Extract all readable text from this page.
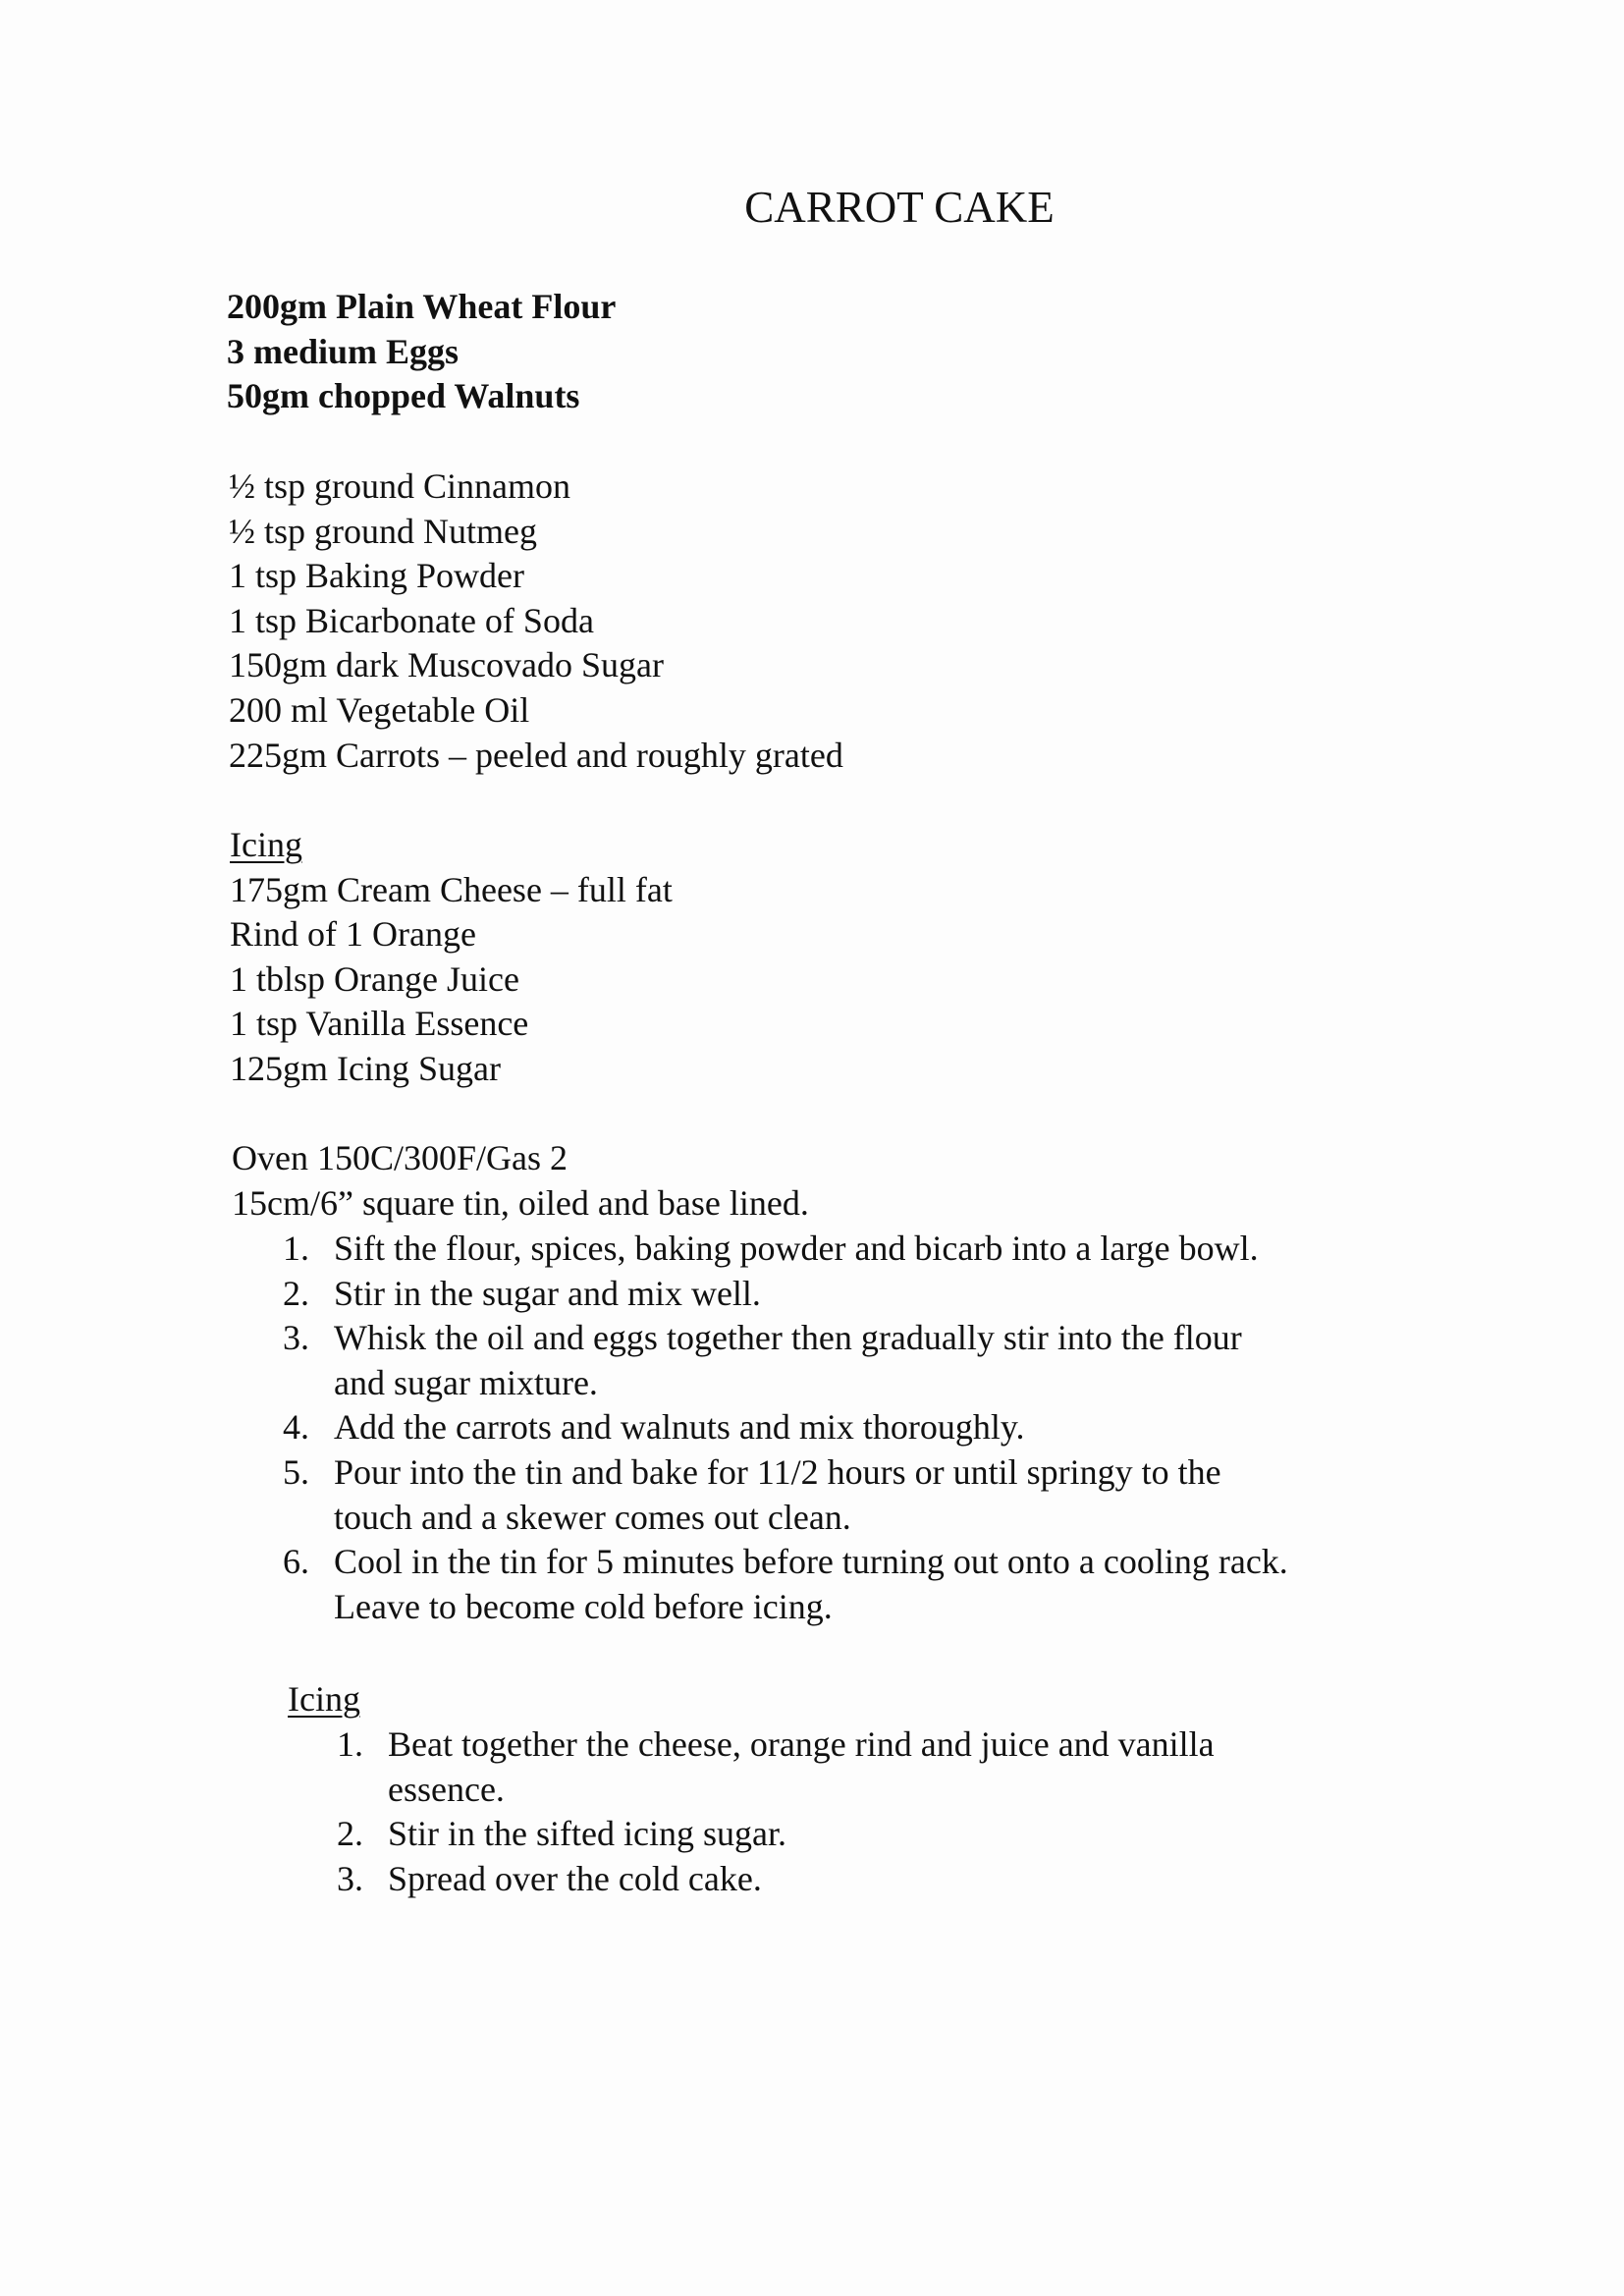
CARROT CAKE
200gm Plain Wheat Flour
3 medium Eggs
50gm chopped Walnuts
½ tsp ground Cinnamon
½ tsp ground Nutmeg
1 tsp Baking Powder
1 tsp Bicarbonate of Soda
150gm dark Muscovado Sugar
200 ml Vegetable Oil
225gm Carrots – peeled and roughly grated
Icing
175gm Cream Cheese – full fat
Rind of 1 Orange
1 tblsp Orange Juice
1 tsp Vanilla Essence
125gm Icing Sugar
Oven 150C/300F/Gas 2
15cm/6” square tin, oiled and base lined.
1. Sift the flour, spices, baking powder and bicarb into a large bowl.
2. Stir in the sugar and mix well.
3. Whisk the oil and eggs together then gradually stir into the flour
and sugar mixture.
4. Add the carrots and walnuts and mix thoroughly.
5. Pour into the tin and bake for 11/2 hours or until springy to the
touch and a skewer comes out clean.
6. Cool in the tin for 5 minutes before turning out onto a cooling rack.
Leave to become cold before icing.
Icing
1. Beat together the cheese, orange rind and juice and vanilla
essence.
2. Stir in the sifted icing sugar.
3. Spread over the cold cake.
